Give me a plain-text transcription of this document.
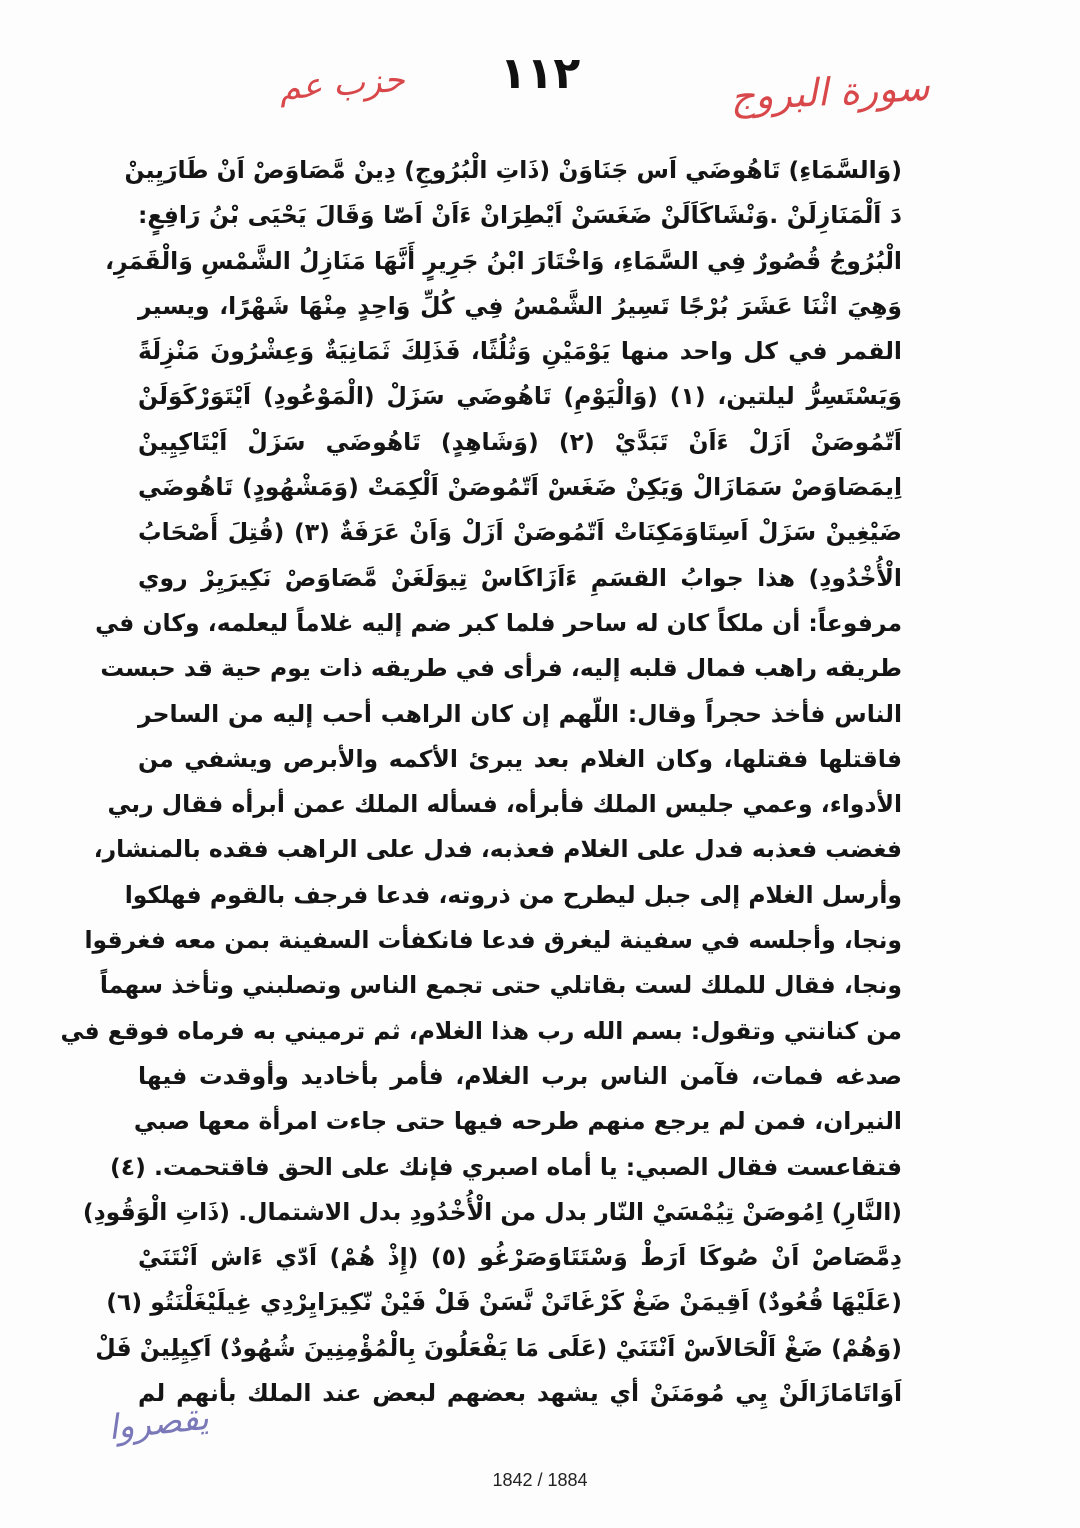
١١٢
حزب عم	سورة البروج
(وَالسَّمَاءِ) تَاهُوضَي اَس جَنَاوَنْ (ذَاتِ الْبُرُوجِ) دِينْ مَّصَاوَصْ اَنْ طَارَيِينْ
دَ اَلْمَنَازِلَنْ .وَنْشَاكَاَلَنْ ضَغَسَنْ اَيْطِرَانْ ءَاَنْ اَصّا وَقَالَ يَحْيَى بْنُ رَافِعٍ:
الْبُرُوجُ قُصُورٌ فِي السَّمَاءِ، وَاخْتَارَ ابْنُ جَرِيرٍ أَنَّهَا مَنَازِلُ الشَّمْسِ وَالْقَمَرِ،
وَهِيَ اثْنَا عَشَرَ بُرْجًا تَسِيرُ الشَّمْسُ فِي كُلِّ وَاحِدٍ مِنْهَا شَهْرًا، ويسير
القمر في كل واحد منها يَوْمَيْنِ وَثُلُثًا، فَذَلِكَ ثَمَانِيَةٌ وَعِشْرُونَ مَنْزِلَةً
وَيَسْتَسِرُّ ليلتين، (١) (وَالْيَوْمِ) تَاهُوضَي سَزَلْ (الْمَوْعُودِ) اَيْتَوَرْكَوَلَنْ
اَتّمُوصَنْ اَزَلْ ءَاَنْ تَبَدَّيْ (٢) (وَشَاهِدٍ) تَاهُوضَي سَزَلْ اَيْتَاكِيِينْ
اِيمَصَاوَصْ سَمَازَالْ وَيَكِنْ ضَغَسْ اَتّمُوصَنْ اَلْكِمَتْ (وَمَشْهُودٍ) تَاهُوضَي
ضَيْغِينْ سَزَلْ اَسِتَاوَمَكِنَاتْ اَتّمُوصَنْ اَزَلْ وَاَنْ عَرَفَةٌ (٣) (قُتِلَ أَصْحَابُ
الْأُخْدُودِ) هذا جوابُ القسَمِ ءَاَزَاكَاسْ تِيوَلَغَنْ مَّصَاوَصْ نَكِيرَيِرْ روي
مرفوعاً: أن ملكاً كان له ساحر فلما كبر ضم إليه غلاماً ليعلمه، وكان في
طريقه راهب فمال قلبه إليه، فرأى في طريقه ذات يوم حية قد حبست
الناس فأخذ حجراً وقال: اللّهم إن كان الراهب أحب إليه من الساحر
فاقتلها فقتلها، وكان الغلام بعد يبرئ الأكمه والأبرص ويشفي من
الأدواء، وعمي جليس الملك فأبرأه، فسأله الملك عمن أبرأه فقال ربي
فغضب فعذبه فدل على الغلام فعذبه، فدل على الراهب فقده بالمنشار،
وأرسل الغلام إلى جبل ليطرح من ذروته، فدعا فرجف بالقوم فهلكوا
ونجا، وأجلسه في سفينة ليغرق فدعا فانكفأت السفينة بمن معه فغرقوا
ونجا، فقال للملك لست بقاتلي حتى تجمع الناس وتصلبني وتأخذ سهماً
من كنانتي وتقول: بسم الله رب هذا الغلام، ثم ترميني به فرماه فوقع في
صدغه فمات، فآمن الناس برب الغلام، فأمر بأخاديد وأوقدت فيها
النيران، فمن لم يرجع منهم طرحه فيها حتى جاءت امرأة معها صبي
فتقاعست فقال الصبي: يا أماه اصبري فإنك على الحق فاقتحمت. (٤)
(النَّارِ) اِمُوصَنْ تِيُمْسَيْ النّار بدل من الْأُخْدُودِ بدل الاشتمال. (ذَاتِ الْوَقُودِ)
دِمَّصَاصْ اَنْ صُوكَا اَرَطْ وَسْتَتَاوَصَرْغُو (٥) (إِذْ هُمْ) اَدّي ءَاش اَنْتَنَيْ
(عَلَيْهَا قُعُودٌ) اَقِيمَنْ ضَغْ كَرْغَاتَنْ نَّسَنْ فَلْ فَيْنْ نّكِيرَايِرْدِي غِيلَيْغَلْنَتُو (٦)
(وَهُمْ) ضَغْ اَلْحَالاَسْ اَنْتَنَيْ (عَلَى مَا يَفْعَلُونَ بِالْمُؤْمِنِينَ شُهُودٌ) اَكِيِلِينْ فَلْ
اَوَاتَامَازَالَنْ يِي مُومَنَنْ أي يشهد بعضهم لبعض عند الملك بأنهم لم
يقصروا
1842 / 1884
